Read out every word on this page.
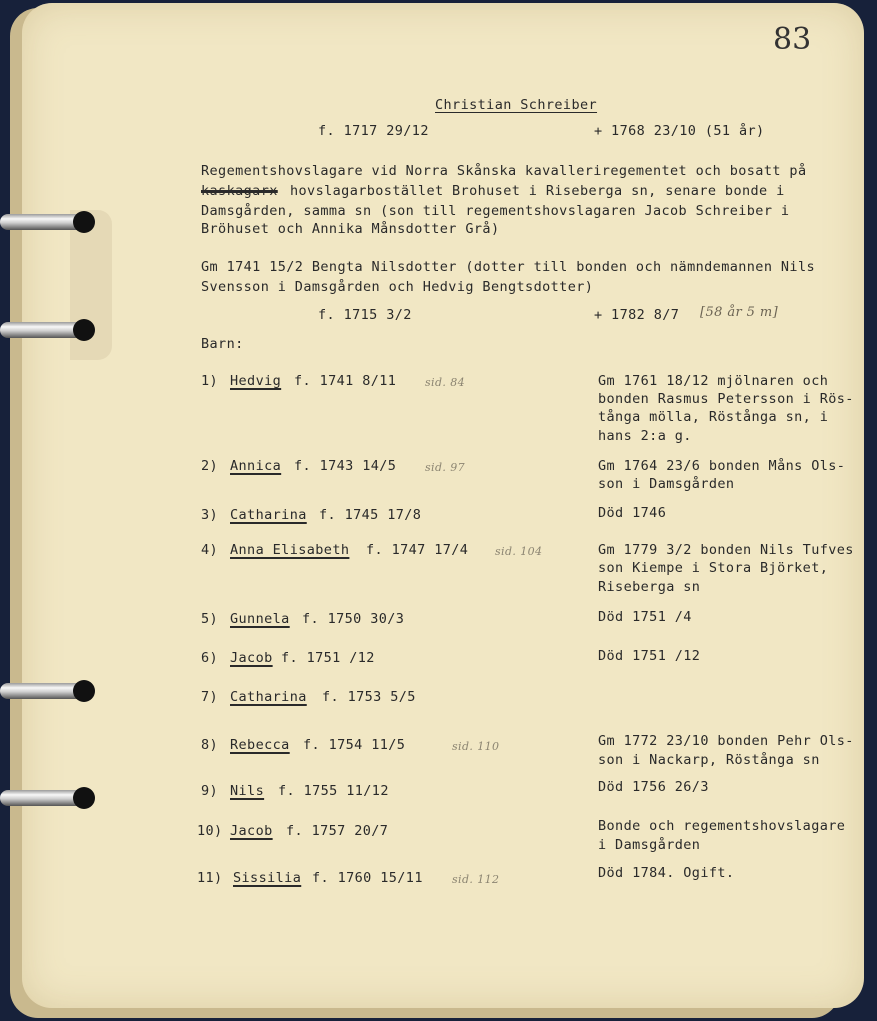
83
Christian Schreiber
f. 1717 29/12	+ 1768 23/10 (51 år)
Regementshovslagare vid Norra Skånska kavalleriregementet och bosatt på
kaskagarx hovslagarbostället Brohuset i Riseberga sn, senare bonde i
Damsgården, samma sn (son till regementshovslagaren Jacob Schreiber i
Bröhuset och Annika Månsdotter Grå)
Gm 1741 15/2 Bengta Nilsdotter (dotter till bonden och nämndemannen Nils
Svensson i Damsgården och Hedvig Bengtsdotter)
f. 1715 3/2	+ 1782 8/7 [58 år 5 m]
Barn:
1) Hedvig f. 1741 8/11	sid. 84	Gm 1761 18/12 mjölnaren och
bonden Rasmus Petersson i Rös-
tånga mölla, Röstånga sn, i
hans 2:a g.
2) Annica f. 1743 14/5	sid. 97	Gm 1764 23/6 bonden Måns Ols-
son i Damsgården
3) Catharina f. 1745 17/8	Död 1746
4) Anna Elisabeth f. 1747 17/4 sid. 104	Gm 1779 3/2 bonden Nils Tufves
son Kiempe i Stora Björket,
Riseberga sn
5) Gunnela f. 1750 30/3	Död 1751 /4
6) Jacob f. 1751 /12	Död 1751 /12
7) Catharina f. 1753 5/5
8) Rebecca f. 1754 11/5	sid. 110	Gm 1772 23/10 bonden Pehr Ols-
son i Nackarp, Röstånga sn
9) Nils f. 1755 11/12	Död 1756 26/3
10) Jacob f. 1757 20/7	Bonde och regementshovslagare
i Damsgården
11) Sissilia f. 1760 15/11	sid. 112	Död 1784. Ogift.
